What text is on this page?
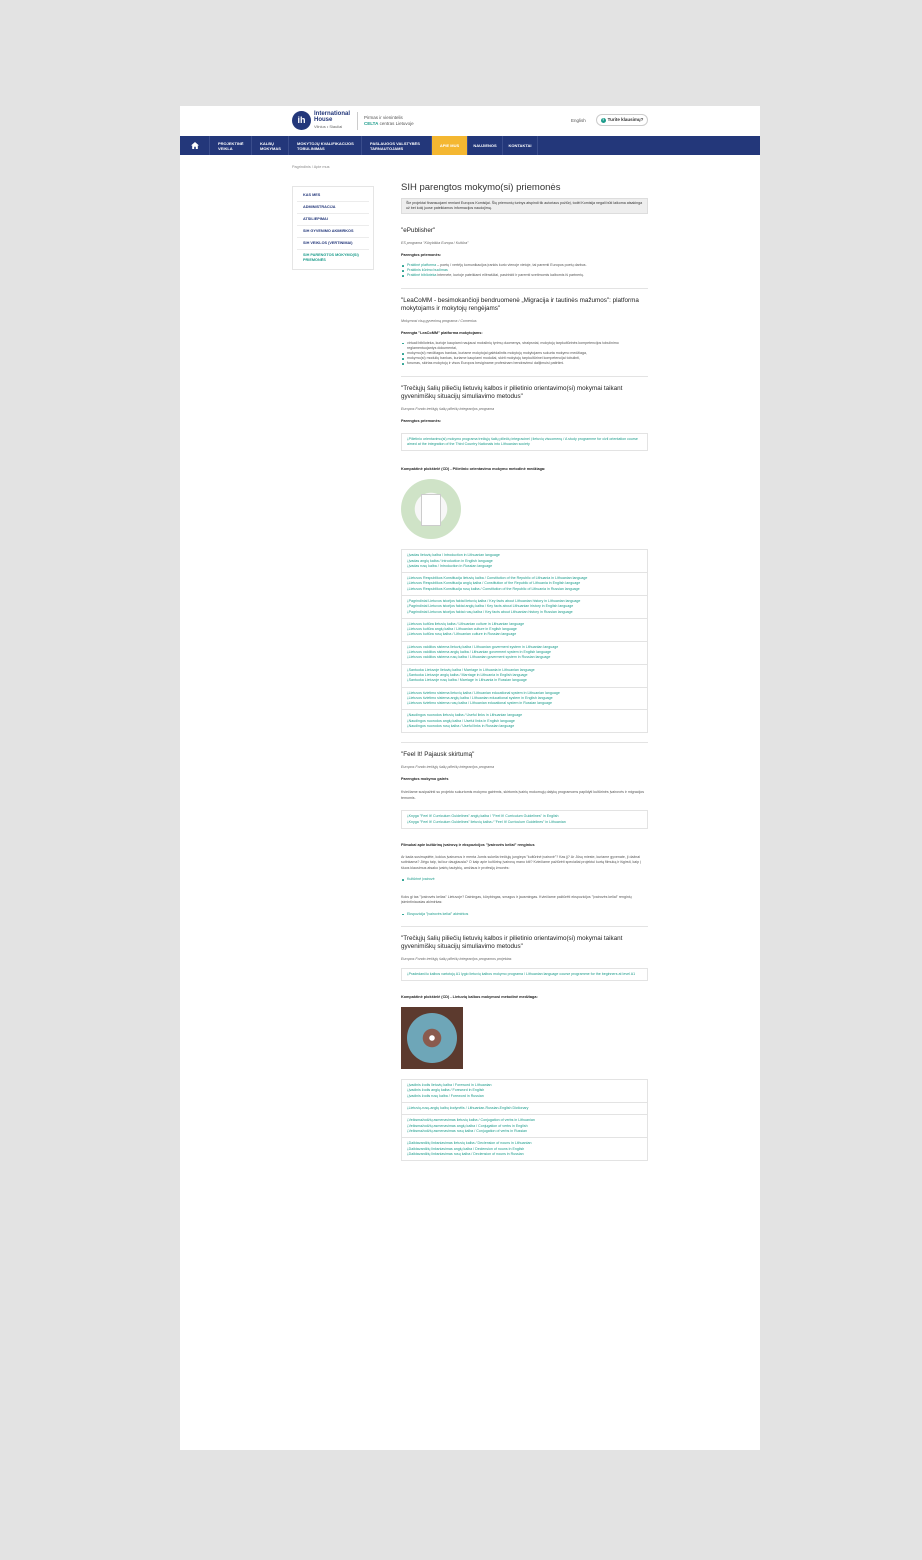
ih
International
House
Vilnius • Siauliai
Pirmas ir vienintelis
CELTA centras Lietuvoje
English	? Turite klausimų?
PROJEKTINĖ VEIKLA
KALBŲ MOKYMAS
MOKYTOJŲ KVALIFIKACIJOS TOBULINIMAS
PASLAUGOS VALSTYBĖS TARNAUTOJAMS	APIE MUS	NAUJIENOS	KONTAKTAI
Pagrindinis / Apie mus
KAS MES
ADMINISTRACIJA
ATSILIEPIMAI
SIH GYVENIMO AKIMIRKOS
SIH VEIKLOS (VERTINIMAI)
SIH PARENGTOS MOKYMO(SI) PRIEMONĖS
SIH parengtos mokymo(si) priemonės
Šie projektai finansuojami remiant Europos Komisijai. Šių priemonių turinys atspindi tik autoriaus požiūrį, todėl Komisija negali būti laikoma atsakinga už bet kokį juose pateikiamos informacijos naudojimą.
"ePublisher"
ES programa "Kūrybiška Europa / Kultūra"
Parengtos priemonės:
Praktinė platforma – poetų / vertėjų komunikacijos įrankis kurio vienoje vietoje, tai paremti Europos poetų darbus.
Praktinis kūrimo buclimas
Praktinė biblioteka internete, kurioje pateikiami eilėraščiai, pasirinkti ir paremti svetimomis kalbomis iš partnerių.
"LeaCoMM - besimokančioji bendruomenė „Migracija ir tautinės mažumos": platforma mokytojams ir mokytojų rengėjams"
Mokymosi visą gyvenimą programa / Comenius
Parengta "LeaCoMM" platforma mokytojams:
virtuali biblioteka, kurioje kaupiami naujausi mokslinių tyrimų duomenys, straipsniai, mokytojų tarpkultūrinės kompetencijos tobulinimo reglamentuojantys dokumentai,
mokymo(si) medžiagos bankas, kuriame mokytojai galėdalintis mokytojų mokytojams sukurta mokymo medžiaga,
mokymo(si) modulių bankas, kuriame kaupiami moduliai, skirti mokytojų tarpkultūrinei kompetencijai tobulinti,
forumas, skirtas mokytojų ir visos Europos besiginame profesinam bendravimui dalijimuisi patirtimi.
"Trečiųjų šalių piliečių lietuvių kalbos ir pilietinio orientavimo(si) mokymai taikant gyvenimiškų situacijų simuliavimo metodus"
Europos Fondo trečiųjų šalių piliečių integracijos programa
Parengtos priemonės:
⤓ Pilietinio orientavimo(si) mokymo programa trečiųjų šalių piliečių integracinei į lietuvių visuomenę / A study programme for civil orientation course aimed at the integration of the Third Country Nationals into Lithuanian society
Kompaktinė plokštelė (CD) - Pilietinio orientavimo mokymo metodinė medžiaga:
⤓ Įvadas lietuvių kalba / Introduction in Lithuanian language
⤓ Įvadas anglų kalba / Introduction in English language
⤓ Įvadas rusų kalba / Introduction in Russian language
⤓ Lietuvos Respublikos Konstitucija lietuvių kalba / Constitution of the Republic of Lithuania in Lithuanian language
⤓ Lietuvos Respublikos Konstitucija anglų kalba / Constitution of the Republic of Lithuania in English language
⤓ Lietuvos Respublikos Konstitucija rusų kalba / Constitution of the Republic of Lithuania in Russian language
⤓ Pagrindiniai Lietuvos istorijos faktai lietuvių kalba / Key facts about Lithuanian history in Lithuanian language
⤓ Pagrindiniai Lietuvos istorijos faktai anglų kalba / Key facts about Lithuanian history in English language
⤓ Pagrindiniai Lietuvos istorijos faktai rusų kalba / Key facts about Lithuanian history in Russian language
⤓ Lietuvos kultūra lietuvių kalba / Lithuanian culture in Lithuanian language
⤓ Lietuvos kultūra anglų kalba / Lithuanian culture in English language
⤓ Lietuvos kultūra rusų kalba / Lithuanian culture in Russian language
⤓ Lietuvos valdžios sistema lietuvių kalba / Lithuanian goverment system in Lithuanian language
⤓ Lietuvos valdžios sistema anglų kalba / Lithuanian goverment system in English language
⤓ Lietuvos valdžios sistema rusų kalba / Lithuanian goverment system in Russian language
⤓ Santuoka Lietuvoje lietuvių kalba / Marriage in Lithuania in Lithuanian language
⤓ Santuoka Lietuvoje anglų kalba / Marriage in Lithuania in English language
⤓ Santuoka Lietuvoje rusų kalba / Marriage in Lithuania in Russian language
⤓ Lietuvos švietimo sistema lietuvių kalba / Lithuanian educational system in Lithuanian language
⤓ Lietuvos švietimo sistema anglų kalba / Lithuanian educational system in English language
⤓ Lietuvos švietimo sistema rusų kalba / Lithuanian educational system in Russian language
⤓ Naudingos nuorodos lietuvių kalba / Useful links in Lithuanian language
⤓ Naudingos nuorodos anglų kalba / Useful links in English language
⤓ Naudingos nuorodos rusų kalba / Useful links in Russian language
"Feel It! Pajausk skirtumą"
Europos Fondo trečiųjų šalių piliečių integracijos programa
Parengtos mokymo gairės
Kviečiame susipažinti su projekto sukurtomis mokymo gairėmis, skirtomis įvairių mokomųjų dalykų programoms papildyti kultūrinės įvairovės ir migracijos temomis.
⤓ Knyga "Feel It! Curriculum Guidelines" anglų kalba / "Feel It! Curriculum Guidelines" in English
⤓ Knyga "Feel It! Curriculum Guidelines" lietuvių kalba / "Feel It! Curriculum Guidelines" in Lithuanian
Filmukai apie kultūrinę įvairovę ir ekspozicijos "Įvairovės keliai" renginius
Ar kada susimąstėte, kokius įvairumus ir menta Jumis sukelia trečiųjų jungieya "kultūrinė įvairovė"? Kas jį? Ar Jūsų mieste, kuriame gyvenate, ji dažnai sutinkama? Jiėgu taip, tai kur daugiausia? O kaip apie kultūrinę įvairovę mano kiti? Kviečiame pažiūrėti specialiai projektui kurtą filmuką ir išgirsti, kaip į šiuos klausimus atsako įvairių tautybių, amžiaus ir profesijų žmonės:
Kultūrinė įvairovė
Koks gi tas "Įvairovės kelias" Lietuvoje? Dainingas, kūrybingas, smagus ir jausmingas. Kviečiame pažiūrėti ekspozicijos "Įvairovės keliai" renginių įsimintiniausias akimirkas:
Ekspozicija "Įvairovės keliai" akimirkos
"Trečiųjų šalių piliečių lietuvių kalbos ir pilietinio orientavimo(si) mokymai taikant gyvenimiškų situacijų simuliavimo metodus"
Europos Fondo trečiųjų šalių piliečių integracijos programos projektas
⤓ Pradedančiu kalbos vartotojų A1 lygio lietuvių kalbos mokymo programa / Lithuanian language course programme for the beginners at level A1
Kompaktinė plokštelė (CD) - Lietuvių kalbos mokymosi metodinė medžiaga:
⤓ Įvadinis žodis lietuvių kalba / Foreword in Lithuanian
⤓ Įvadinis žodis anglų kalba / Foreword in English
⤓ Įvadinis žodis rusų kalba / Foreword in Russian
⤓ Lietuvių-rusų-anglų kalbų žodynėlis / Lithuanian-Russian-English Dictionary
⤓ Veiksmažodžių asmenavimas lietuvių kalba / Conjugation of verbs in Lithuanian
⤓ Veiksmažodžių asmenavimas anglų kalba / Conjugation of verbs in English
⤓ Veiksmažodžių asmenavimas rusų kalba / Conjugation of verbs in Russian
⤓ Daiktavardžių linksniavimas lietuvių kalba / Declension of nouns in Lithuanian
⤓ Daiktavardžių linksniavimas anglų kalba / Declension of nouns in English
⤓ Daiktavardžių linksniavimas rusų kalba / Declension of nouns in Russian
